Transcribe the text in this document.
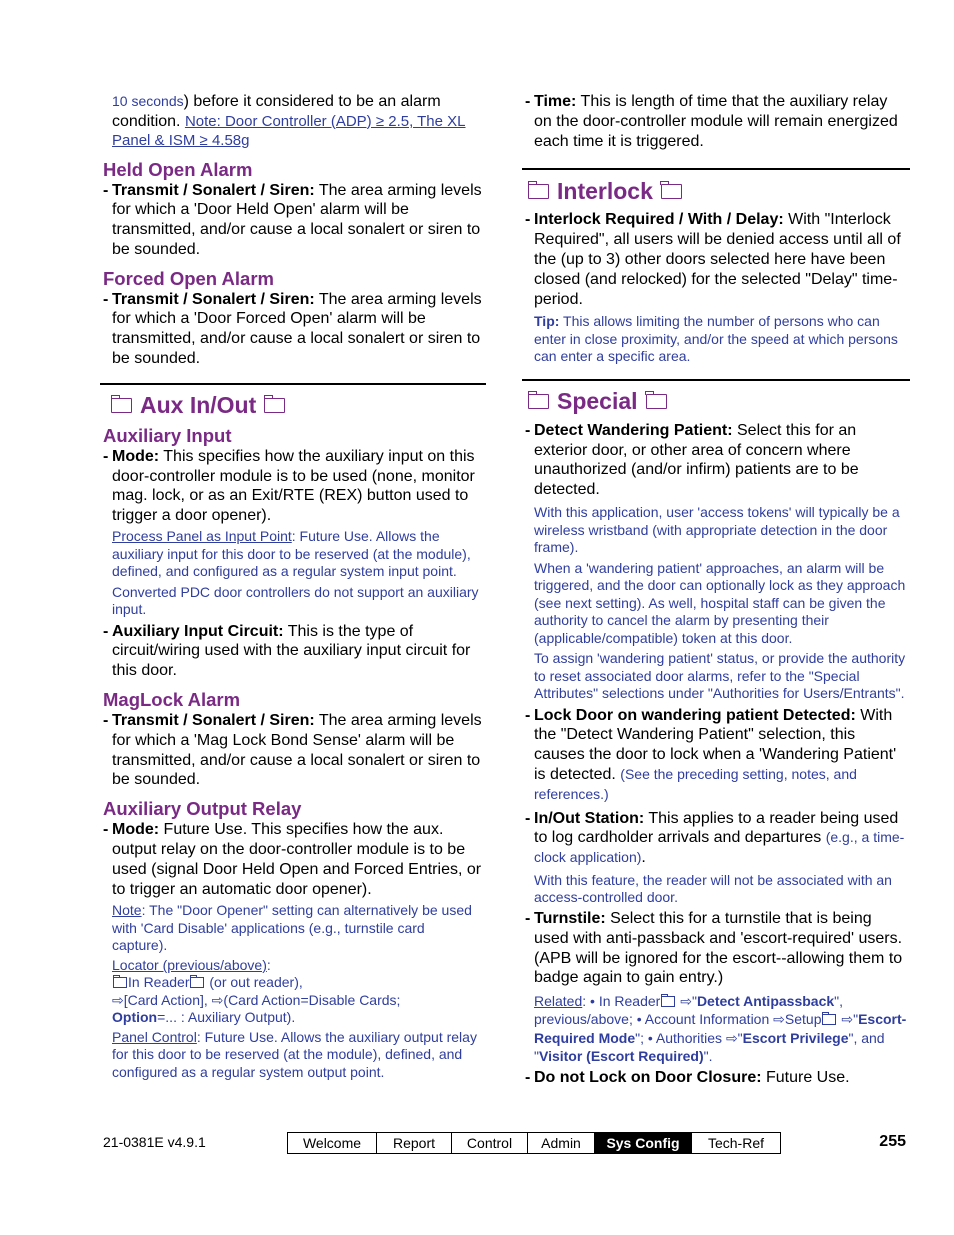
10 seconds) before it considered to be an alarm condition. Note: Door Controller (ADP) ≥ 2.5, The XL Panel & ISM ≥ 4.58g

Held Open Alarm
- Transmit / Sonalert / Siren: The area arming levels for which a 'Door Held Open' alarm will be transmitted, and/or cause a local sonalert or siren to be sounded.
Forced Open Alarm
- Transmit / Sonalert / Siren: The area arming levels for which a 'Door Forced Open' alarm will be transmitted, and/or cause a local sonalert or siren to be sounded.
Aux In/Out
Auxiliary Input
- Mode: This specifies how the auxiliary input on this door-controller module is to be used (none, monitor mag. lock, or as an Exit/RTE (REX) button used to trigger a door opener).

Process Panel as Input Point: Future Use. Allows the auxiliary input for this door to be reserved (at the module), defined, and configured as a regular system input point.

Converted PDC door controllers do not support an auxiliary input.

- Auxiliary Input Circuit: This is the type of circuit/wiring used with the auxiliary input circuit for this door.
MagLock Alarm
- Transmit / Sonalert / Siren: The area arming levels for which a 'Mag Lock Bond Sense' alarm will be transmitted, and/or cause a local sonalert or siren to be sounded.
Auxiliary Output Relay
- Mode: Future Use. This specifies how the aux. output relay on the door-controller module is to be used (signal Door Held Open and Forced Entries, or to trigger an automatic door opener).

Note: The "Door Opener" setting can alternatively be used with 'Card Disable' applications (e.g., turnstile card capture).

Locator (previous/above):
In Reader (or out reader),
⇨[Card Action], ⇨(Card Action=Disable Cards;
Option=... : Auxiliary Output).

Panel Control: Future Use. Allows the auxiliary output relay for this door to be reserved (at the module), defined, and configured as a regular system output point.

- Time: This is length of time that the auxiliary relay on the door-controller module will remain energized each time it is triggered.
Interlock
- Interlock Required / With / Delay: With "Interlock Required", all users will be denied access until all of the (up to 3) other doors selected here have been closed (and relocked) for the selected "Delay" time-period.

Tip: This allows limiting the number of persons who can enter in close proximity, and/or the speed at which persons can enter a specific area.

Special
- Detect Wandering Patient: Select this for an exterior door, or other area of concern where unauthorized (and/or infirm) patients are to be detected.

With this application, user 'access tokens' will typically be a wireless wristband (with appropriate detection in the door frame).

When a 'wandering patient' approaches, an alarm will be triggered, and the door can optionally lock as they approach (see next setting). As well, hospital staff can be given the authority to cancel the alarm by presenting their (applicable/compatible) token at this door.

To assign 'wandering patient' status, or provide the authority to reset associated door alarms, refer to the "Special Attributes" selections under "Authorities for Users/Entrants".

- Lock Door on wandering patient Detected: With the "Detect Wandering Patient" selection, this causes the door to lock when a 'Wandering Patient' is detected. (See the preceding setting, notes, and references.)
- In/Out Station: This applies to a reader being used to log cardholder arrivals and departures (e.g., a time-clock application).

With this feature, the reader will not be associated with an access-controlled door.

- Turnstile: Select this for a turnstile that is being used with anti-passback and 'escort-required' users. (APB will be ignored for the escort--allowing them to badge again to gain entry.)

Related: • In Reader ⇨"Detect Antipassback", previous/above; • Account Information ⇨Setup ⇨"Escort-Required Mode"; • Authorities ⇨"Escort Privilege", and "Visitor (Escort Required)".

- Do not Lock on Door Closure: Future Use.
21-0381E v4.9.1	Welcome	Report	Control	Admin	Sys Config	Tech-Ref	255
